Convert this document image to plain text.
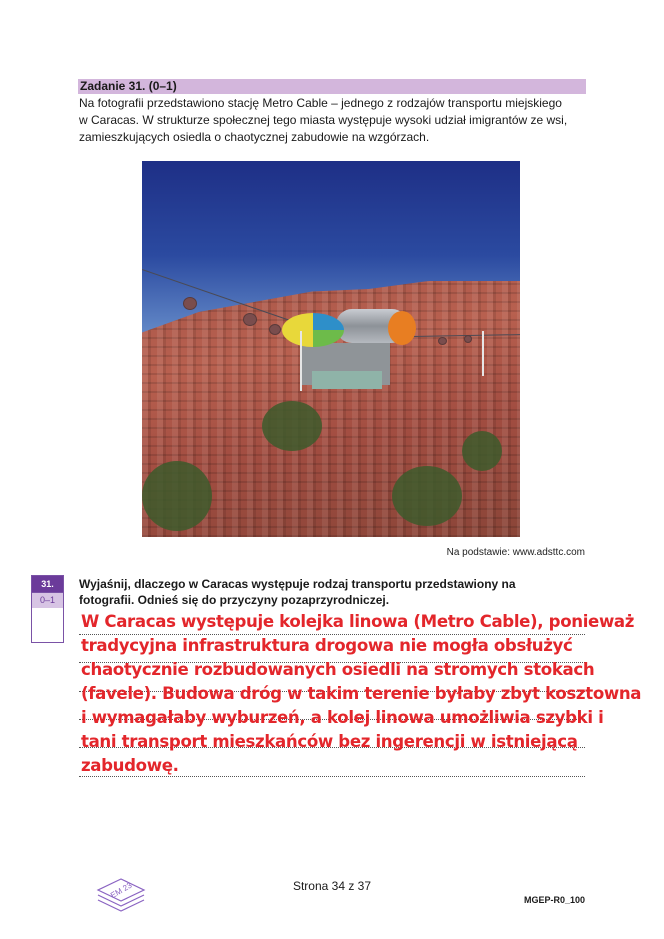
Zadanie 31. (0–1)
Na fotografii przedstawiono stację Metro Cable – jednego z rodzajów transportu miejskiego
w Caracas. W strukturze społecznej tego miasta występuje wysoki udział imigrantów ze wsi,
zamieszkujących osiedla o chaotycznej zabudowie na wzgórzach.
Na podstawie: www.adsttc.com
31.
0–1
Wyjaśnij, dlaczego w Caracas występuje rodzaj transportu przedstawiony na
fotografii. Odnieś się do przyczyny pozaprzyrodniczej.
W Caracas występuje kolejka linowa (Metro Cable), ponieważ
tradycyjna infrastruktura drogowa nie mogła obsłużyć
chaotycznie rozbudowanych osiedli na stromych stokach
(favele). Budowa dróg w takim terenie byłaby zbyt kosztowna
i wymagałaby wyburzeń, a kolej linowa umożliwia szybki i
tani transport mieszkańców bez ingerencji w istniejącą
zabudowę.
EM 23	Strona 34 z 37
MGEP-R0_100
